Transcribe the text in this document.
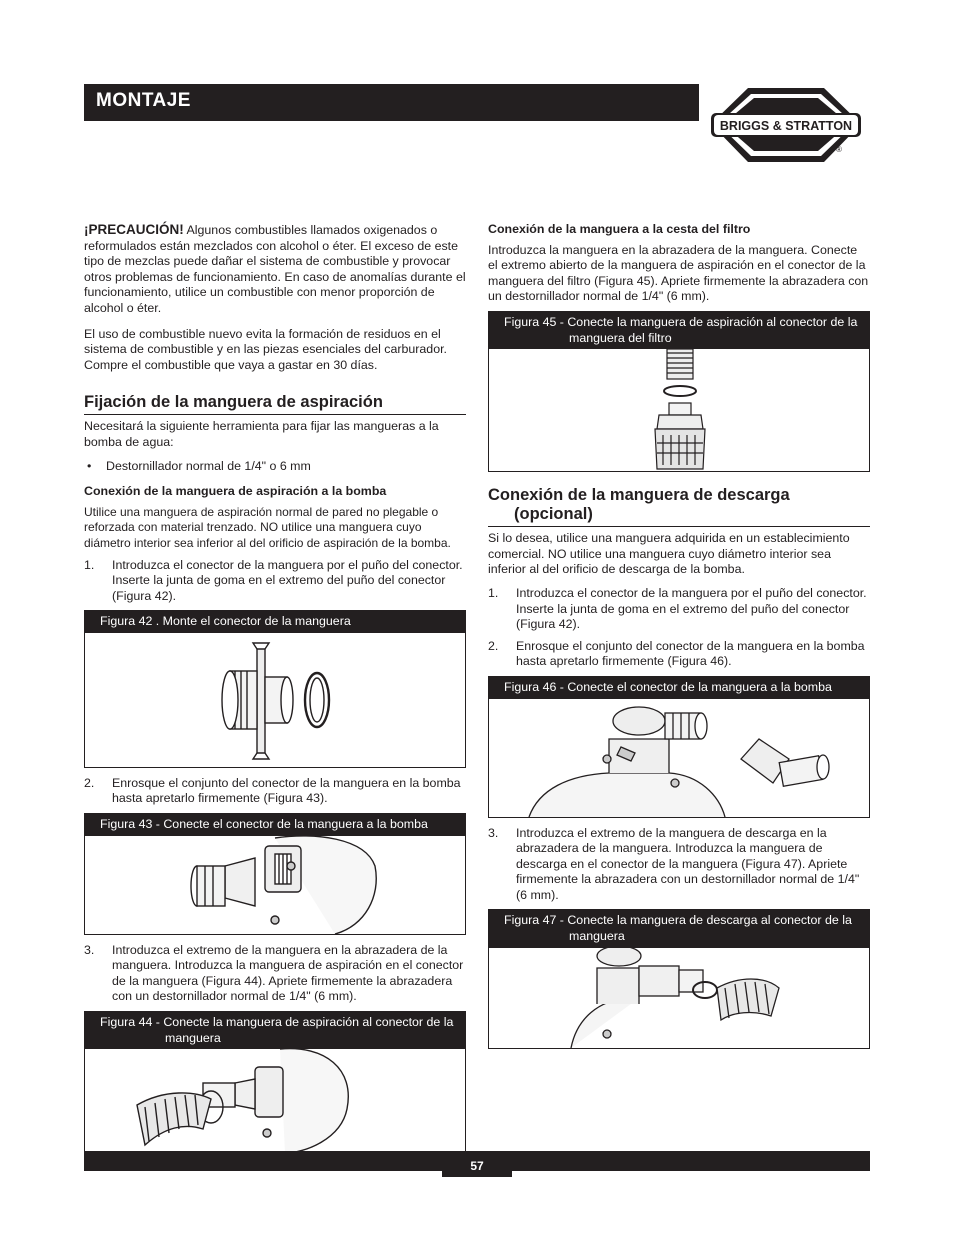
MONTAJE
BRIGGS & STRATTON
®

¡PRECAUCIÓN! Algunos combustibles llamados oxigenados o reformulados están mezclados con alcohol o éter. El exceso de este tipo de mezclas puede dañar el sistema de combustible y provocar otros problemas de funcionamiento. En caso de anomalías durante el funcionamiento, utilice un combustible con menor proporción de alcohol o éter.

El uso de combustible nuevo evita la formación de residuos en el sistema de combustible y en las piezas esenciales del carburador. Compre el combustible que vaya a gastar en 30 días.

Fijación de la manguera de aspiración

Necesitará la siguiente herramienta para fijar las mangueras a la bomba de agua:

• Destornillador normal de 1/4" o 6 mm
Conexión de la manguera de aspiración a la bomba

Utilice una manguera de aspiración normal de pared no plegable o reforzada con material trenzado. NO utilice una manguera cuyo diámetro interior sea inferior al del orificio de aspiración de la bomba.

1. Introduzca el conector de la manguera por el puño del conector. Inserte la junta de goma en el extremo del puño del conector (Figura 42).
Figura 42 . Monte el conector de la manguera
2. Enrosque el conjunto del conector de la manguera en la bomba hasta apretarlo firmemente (Figura 43).
Figura 43 - Conecte el conector de la manguera a la bomba
3. Introduzca el extremo de la manguera en la abrazadera de la manguera. Introduzca la manguera de aspiración en el conector de la manguera (Figura 44). Apriete firmemente la abrazadera con un destornillador normal de 1/4" (6 mm).
Figura 44 - Conecte la manguera de aspiración al conector de la manguera
Conexión de la manguera a la cesta del filtro

Introduzca la manguera en la abrazadera de la manguera. Conecte el extremo abierto de la manguera de aspiración en el conector de la manguera del filtro (Figura 45). Apriete firmemente la abrazadera con un destornillador normal de 1/4" (6 mm).

Figura 45 - Conecte la manguera de aspiración al conector de la manguera del filtro
Conexión de la manguera de descarga (opcional)

Si lo desea, utilice una manguera adquirida en un establecimiento comercial. NO utilice una manguera cuyo diámetro interior sea inferior al del orificio de descarga de la bomba.

1. Introduzca el conector de la manguera por el puño del conector. Inserte la junta de goma en el extremo del puño del conector (Figura 42).
2. Enrosque el conjunto del conector de la manguera en la bomba hasta apretarlo firmemente (Figura 46).
Figura 46 - Conecte el conector de la manguera a la bomba
3. Introduzca el extremo de la manguera de descarga en la abrazadera de la manguera. Introduzca la manguera de descarga en el conector de la manguera (Figura 47). Apriete firmemente la abrazadera con un destornillador normal de 1/4" (6 mm).
Figura 47 - Conecte la manguera de descarga al conector de la manguera
57
